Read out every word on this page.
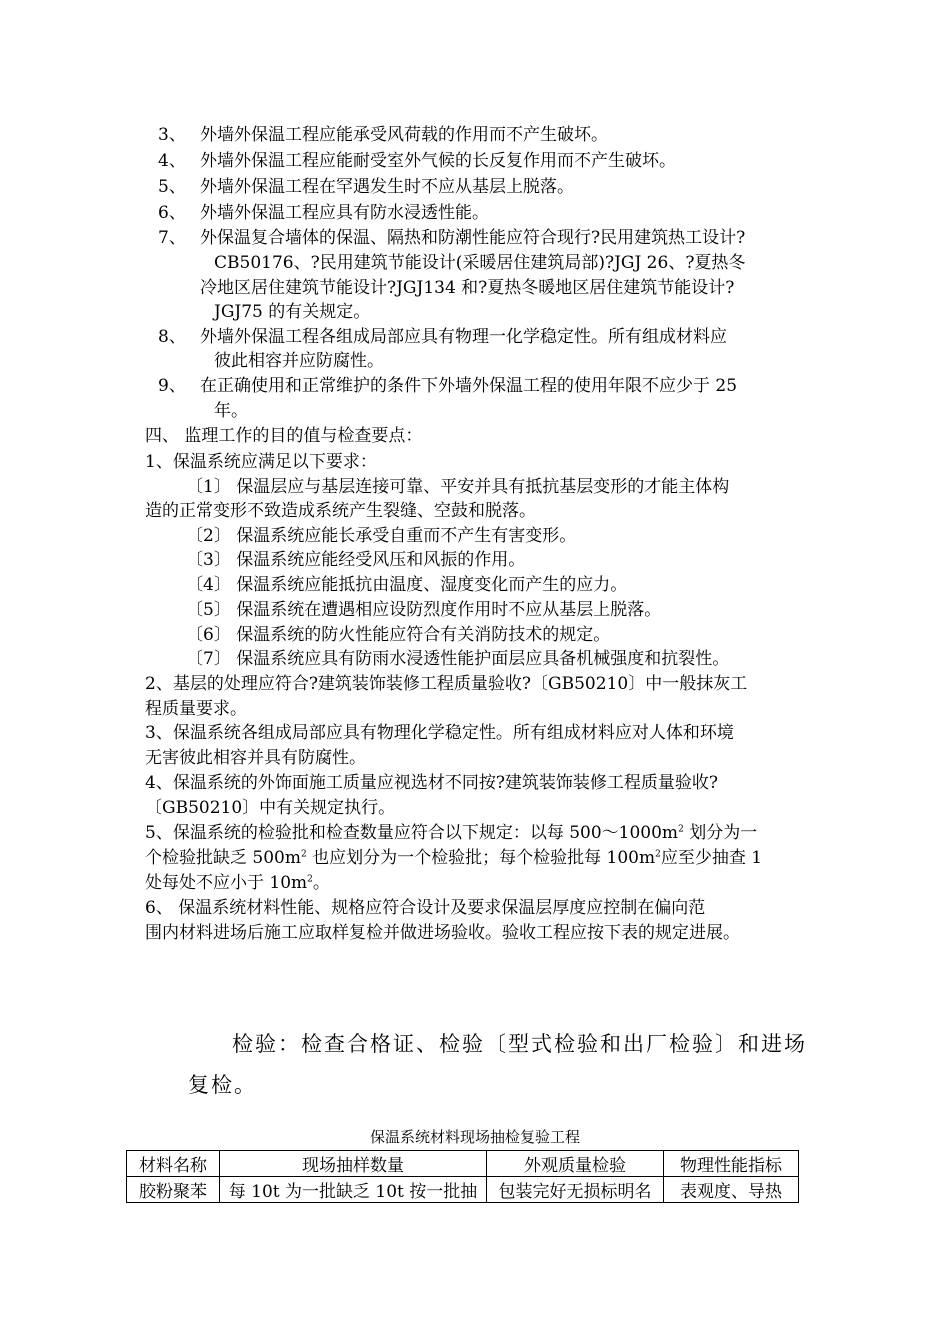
3、 外墙外保温工程应能承受风荷载的作用而不产生破坏。
4、 外墙外保温工程应能耐受室外气候的长反复作用而不产生破坏。
5、 外墙外保温工程在罕遇发生时不应从基层上脱落。
6、 外墙外保温工程应具有防水浸透性能。
7、 外保温复合墙体的保温、隔热和防潮性能应符合现行?民用建筑热工设计?
CB50176、?民用建筑节能设计(采暖居住建筑局部)?JGJ 26、?夏热冬
冷地区居住建筑节能设计?JGJ134 和?夏热冬暖地区居住建筑节能设计?
JGJ75 的有关规定。
8、 外墙外保温工程各组成局部应具有物理一化学稳定性。所有组成材料应
彼此相容并应防腐性。
9、 在正确使用和正常维护的条件下外墙外保温工程的使用年限不应少于 25
年。
四、 监理工作的目的值与检查要点：
1、保温系统应满足以下要求：
〔1〕 保温层应与基层连接可靠、平安并具有抵抗基层变形的才能主体构
造的正常变形不致造成系统产生裂缝、空鼓和脱落。
〔2〕 保温系统应能长承受自重而不产生有害变形。
〔3〕 保温系统应能经受风压和风振的作用。
〔4〕 保温系统应能抵抗由温度、湿度变化而产生的应力。
〔5〕 保温系统在遭遇相应设防烈度作用时不应从基层上脱落。
〔6〕 保温系统的防火性能应符合有关消防技术的规定。
〔7〕 保温系统应具有防雨水浸透性能护面层应具备机械强度和抗裂性。
2、基层的处理应符合?建筑装饰装修工程质量验收?〔GB50210〕中一般抹灰工
程质量要求。
3、保温系统各组成局部应具有物理化学稳定性。所有组成材料应对人体和环境
无害彼此相容并具有防腐性。
4、保温系统的外饰面施工质量应视选材不同按?建筑装饰装修工程质量验收?
〔GB50210〕中有关规定执行。
5、保温系统的检验批和检查数量应符合以下规定：以每 $500\sim 1000m^2$ 划分为一
个检验批缺乏 $500m^2$ 也应划分为一个检验批；每个检验批每 $100m^2$应至少抽查 1
处每处不应小于 $10m^2$。
6、 保温系统材料性能、规格应符合设计及要求保温层厚度应控制在偏向范
围内材料进场后施工应取样复检并做进场验收。验收工程应按下表的规定进展。
检验：检查合格证、检验〔型式检验和出厂检验〕和进场
复检。
保温系统材料现场抽检复验工程
材料名称	现场抽样数量	外观质量检验	物理性能指标
胶粉聚苯	每 10t 为一批缺乏 10t 按一批抽	包装完好无损标明名	表观度、导热
